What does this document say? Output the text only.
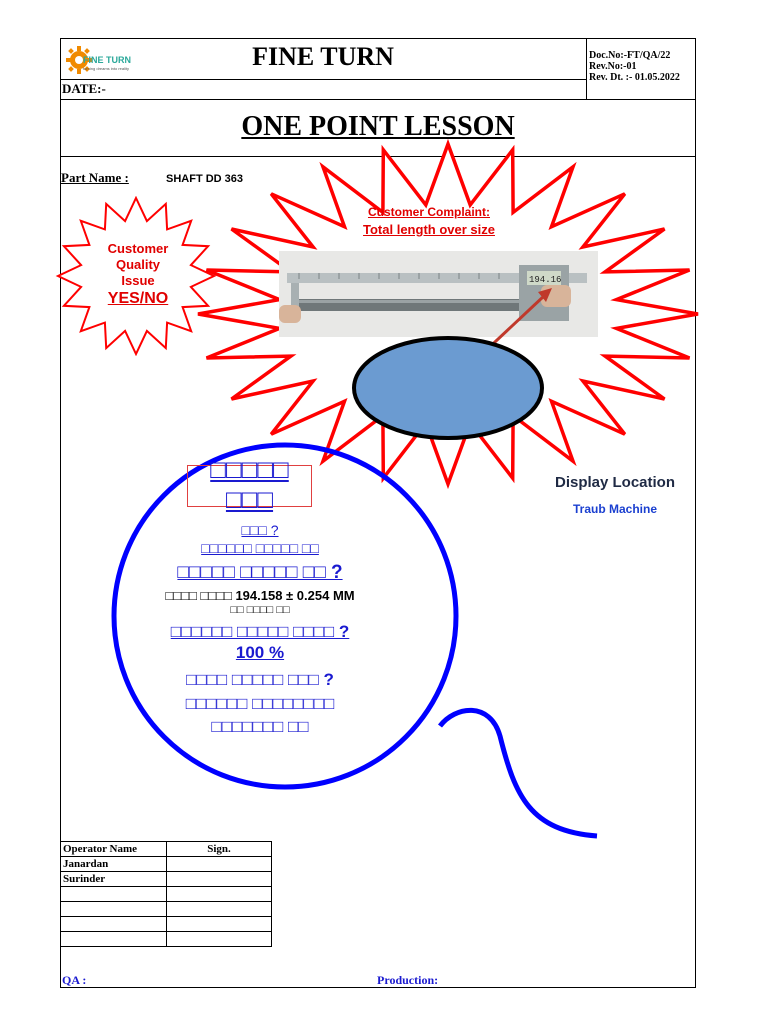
FINE TURN
turning dreams into reality	FINE TURN
DATE:-
Doc.No:-FT/QA/22
Rev.No:-01
Rev. Dt. :- 01.05.2022
ONE POINT LESSON
Part Name :	SHAFT DD 363
194.16
Customer Complaint:
Total length over size
Customer
Quality
Issue
YES/NO
□□□□□ □□□
□□□ ?
□□□□□□ □□□□□ □□
□□□□□ □□□□□ □□ ?
□□□□ □□□□ 194.158 ± 0.254 MM
□□ □□□□ □□
□□□□□□ □□□□□ □□□□ ?
100 %
□□□□ □□□□□ □□□ ?
□□□□□□ □□□□□□□□
□□□□□□□ □□
Display Location
Traub Machine
Operator Name	Sign.
Janardan	
Surinder	

QA :	Production:
